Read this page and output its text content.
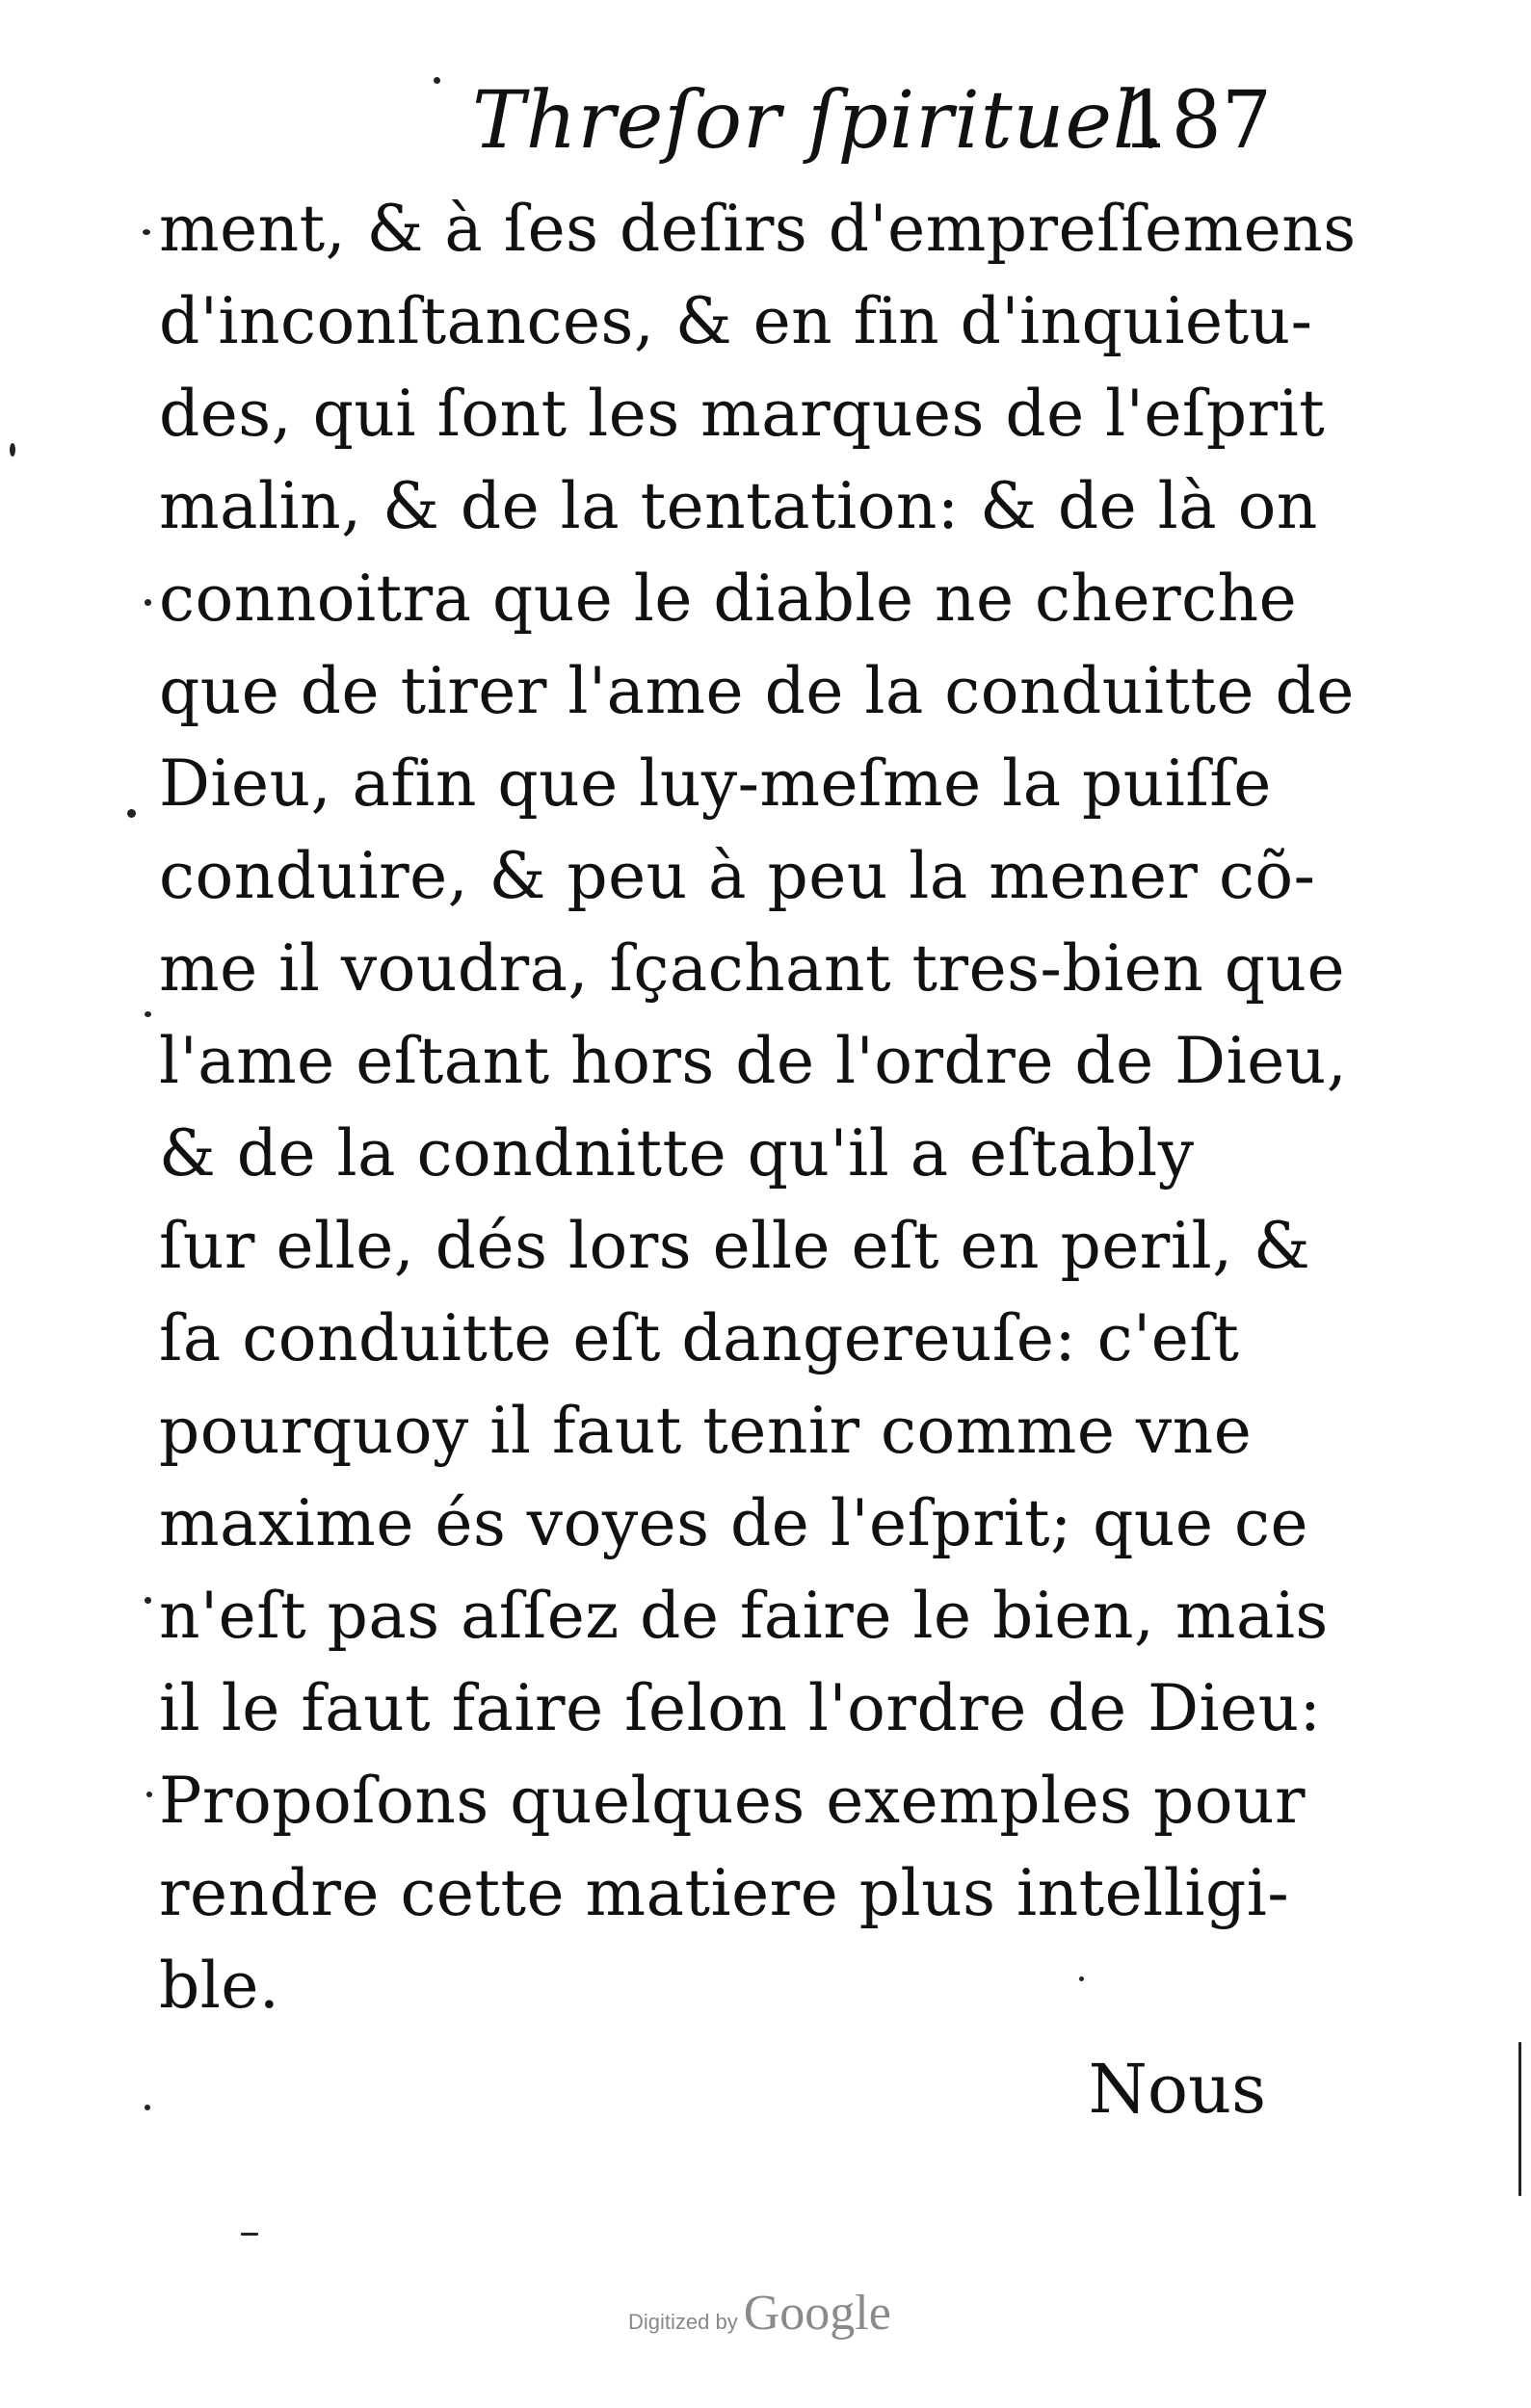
Threſor ſpirituel.
187
ment, & à ſes deſirs d'empreſſemens
d'inconſtances, & en fin d'inquietu-
des, qui ſont les marques de l'eſprit
malin, & de la tentation: & de là on
connoitra que le diable ne cherche
que de tirer l'ame de la conduitte de
Dieu, afin que luy-meſme la puiſſe
conduire, & peu à peu la mener cõ-
me il voudra, ſçachant tres-bien que
l'ame eſtant hors de l'ordre de Dieu,
& de la condnitte qu'il a eſtably
ſur elle, dés lors elle eſt en peril, &
ſa conduitte eſt dangereuſe: c'eſt
pourquoy il faut tenir comme vne
maxime és voyes de l'eſprit; que ce
n'eſt pas aſſez de faire le bien, mais
il le faut faire ſelon l'ordre de Dieu:
Propoſons quelques exemples pour
rendre cette matiere plus intelligi-
ble.
Nous
Digitized by Google
